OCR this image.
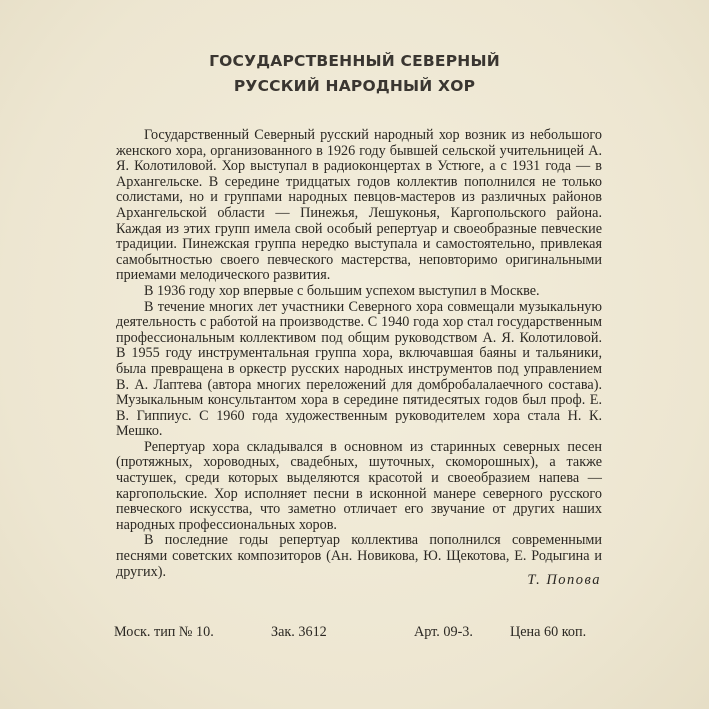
ГОСУДАРСТВЕННЫЙ СЕВЕРНЫЙ
РУССКИЙ НАРОДНЫЙ ХОР

Государственный Северный русский народный хор возник из небольшого женского хора, организованного в 1926 году бывшей сельской учительницей А. Я. Колотиловой. Хор выступал в радиоконцертах в Устюге, а с 1931 года — в Архангельске. В середине тридцатых годов коллектив пополнился не только солистами, но и группами народных певцов-мастеров из различных районов Архангельской области — Пинежья, Лешуконья, Каргопольского района. Каждая из этих групп имела свой особый репертуар и своеобразные певческие традиции. Пинежская группа нередко выступала и самостоятельно, привлекая самобытностью своего певческого мастерства, неповторимо оригинальными приемами мелодического развития.

В 1936 году хор впервые с большим успехом выступил в Москве.

В течение многих лет участники Северного хора совмещали музыкальную деятельность с работой на производстве. С 1940 года хор стал государственным профессиональным коллективом под общим руководством А. Я. Колотиловой. В 1955 году инструментальная группа хора, включавшая баяны и тальяники, была превращена в оркестр русских народных инструментов под управлением В. А. Лаптева (автора многих переложений для домбробалалаечного состава). Музыкальным консультантом хора в середине пятидесятых годов был проф. Е. В. Гиппиус. С 1960 года художественным руководителем хора стала Н. К. Мешко.

Репертуар хора складывался в основном из старинных северных песен (протяжных, хороводных, свадебных, шуточных, скоморошных), а также частушек, среди которых выделяются красотой и своеобразием напева — каргопольские. Хор исполняет песни в исконной манере северного русского певческого искусства, что заметно отличает его звучание от других наших народных профессиональных хоров.

В последние годы репертуар коллектива пополнился современными песнями советских композиторов (Ан. Новикова, Ю. Щекотова, Е. Родыгина и других).

Т. Попова
Моск. тип № 10.	Зак. 3612	Арт. 09-3.	Цена 60 коп.
